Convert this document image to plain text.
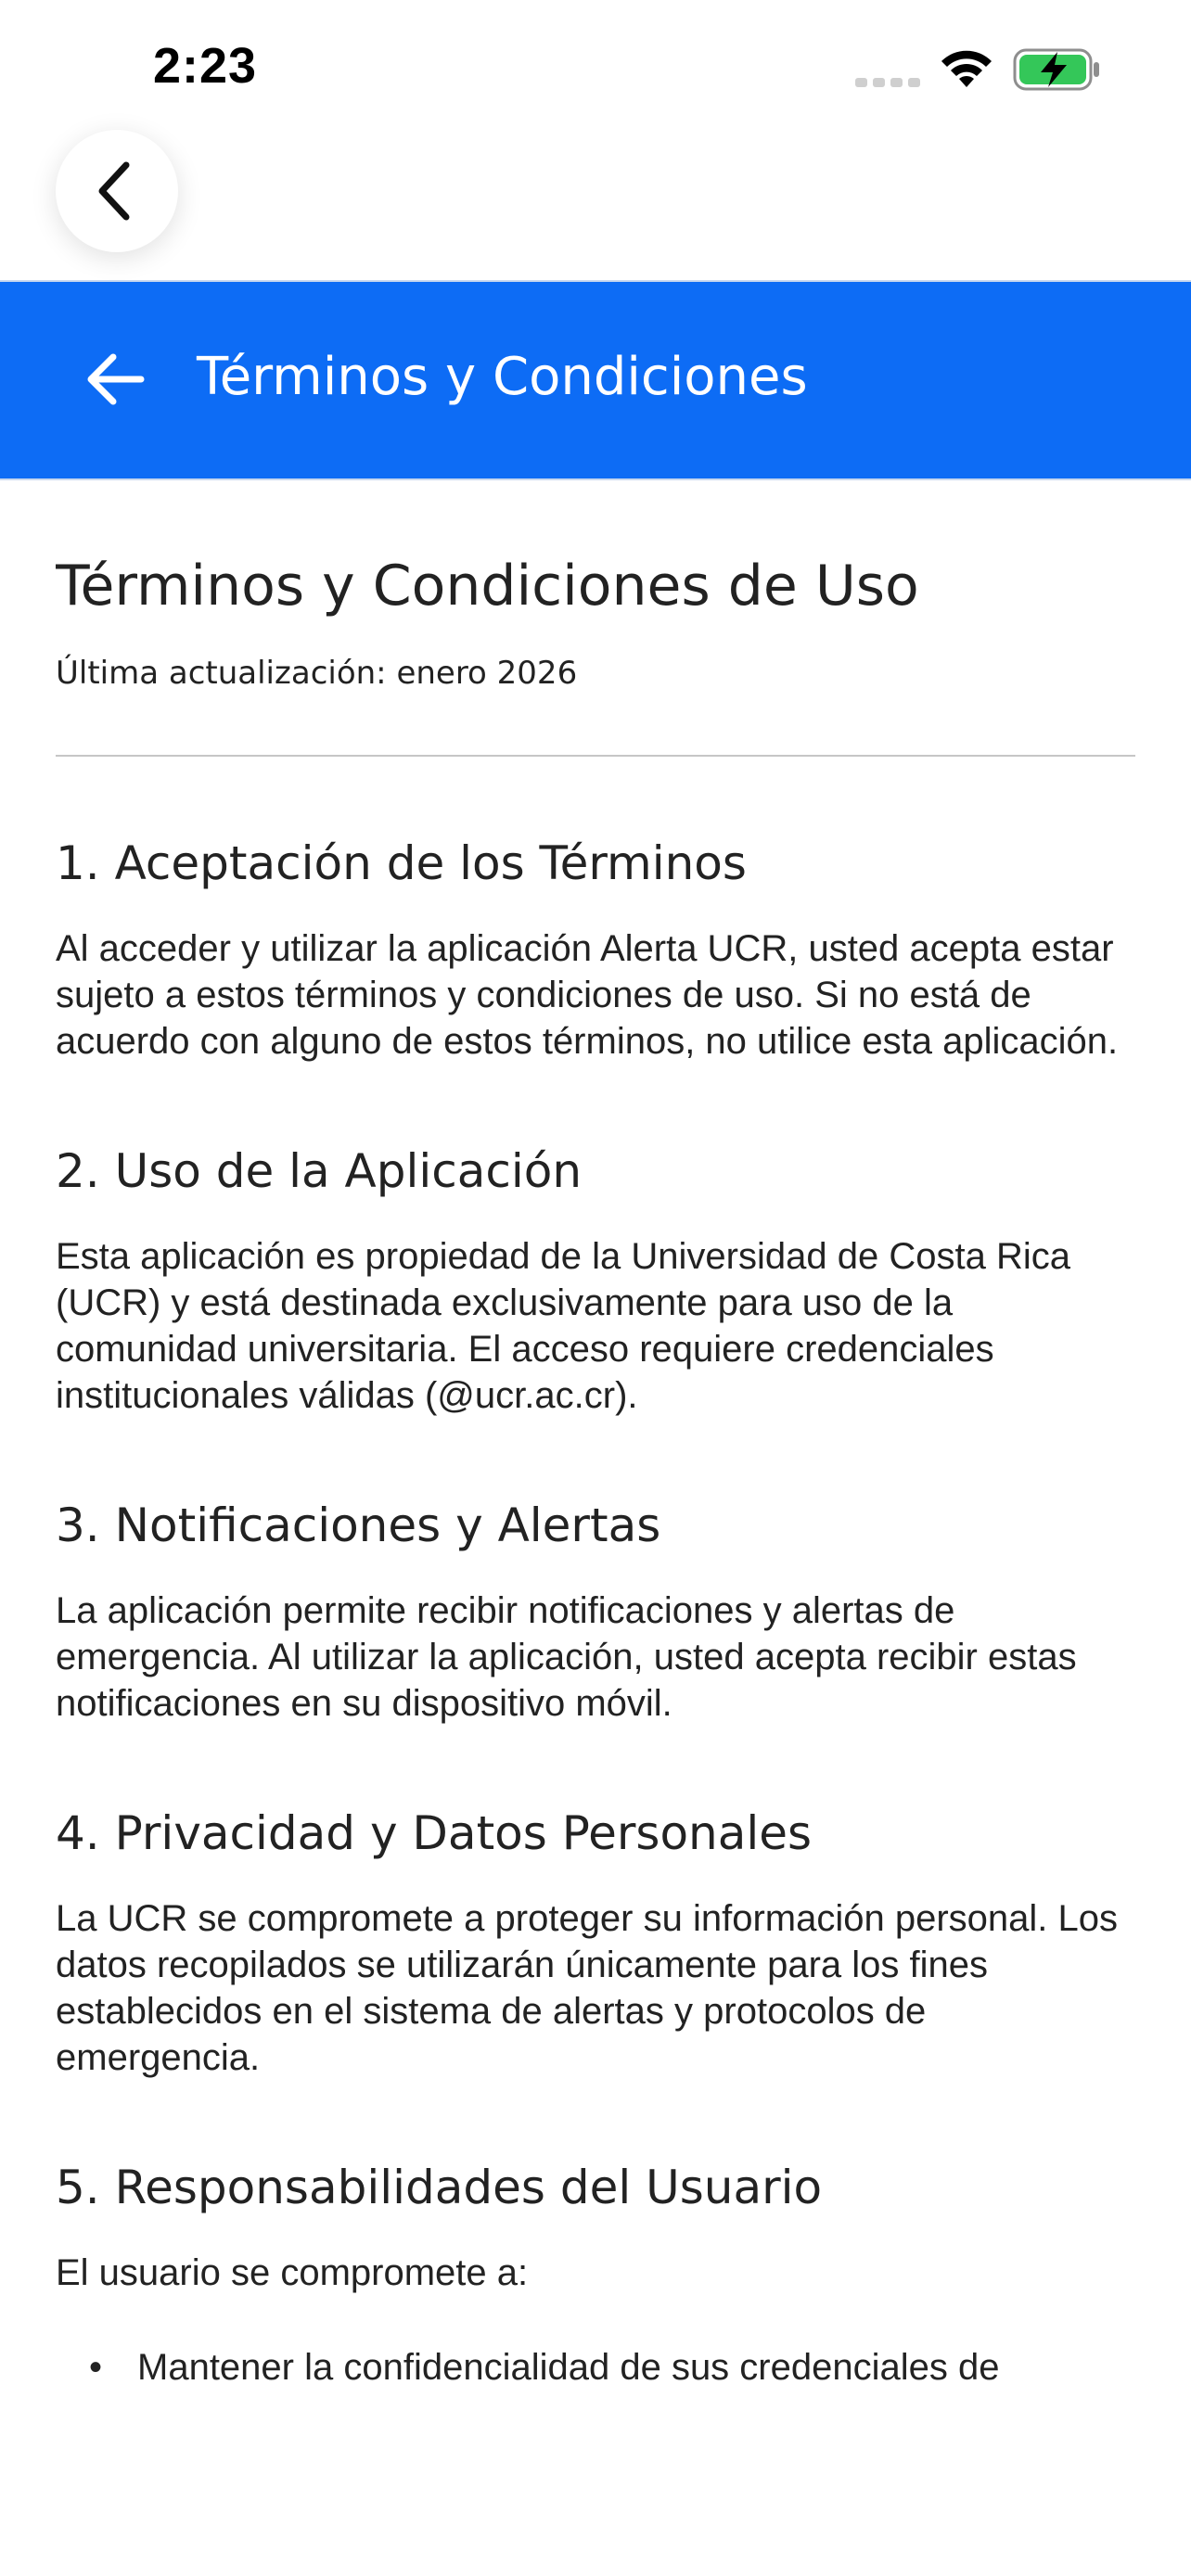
2:23
Términos y Condiciones
Términos y Condiciones de Uso

Última actualización: enero 2026

1. Aceptación de los Términos

Al acceder y utilizar la aplicación Alerta UCR, usted acepta estar sujeto a estos términos y condiciones de uso. Si no está de acuerdo con alguno de estos términos, no utilice esta aplicación.

2. Uso de la Aplicación

Esta aplicación es propiedad de la Universidad de Costa Rica (UCR) y está destinada exclusivamente para uso de la comunidad universitaria. El acceso requiere credenciales institucionales válidas (@ucr.ac.cr).

3. Notificaciones y Alertas

La aplicación permite recibir notificaciones y alertas de emergencia. Al utilizar la aplicación, usted acepta recibir estas notificaciones en su dispositivo móvil.

4. Privacidad y Datos Personales

La UCR se compromete a proteger su información personal. Los datos recopilados se utilizarán únicamente para los fines establecidos en el sistema de alertas y protocolos de emergencia.

5. Responsabilidades del Usuario

El usuario se compromete a:

• Mantener la confidencialidad de sus credenciales de
